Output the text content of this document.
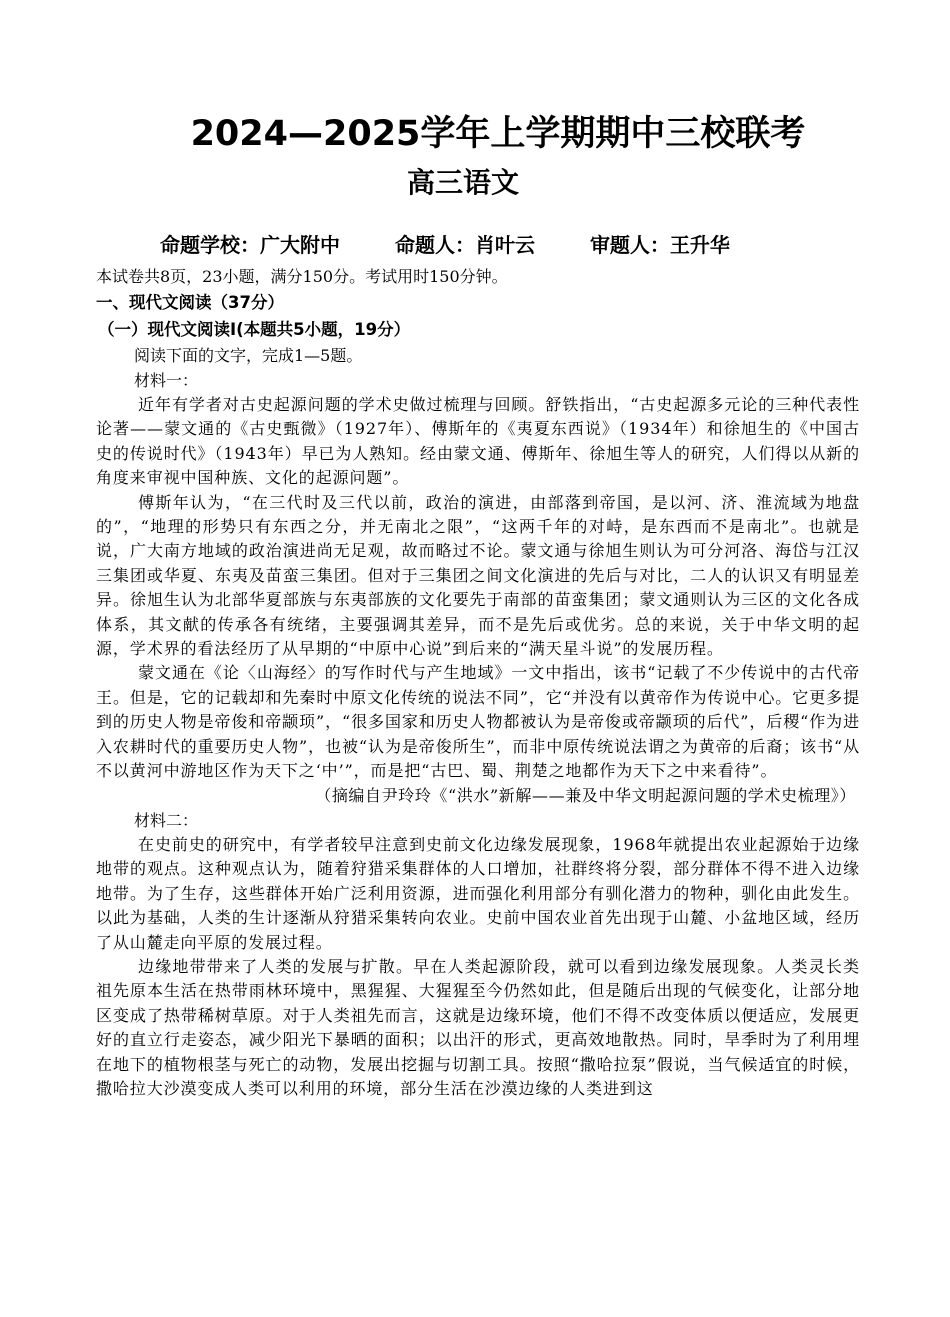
2024—2025学年上学期期中三校联考
高三语文
命题学校：广大附中	命题人：肖叶云	审题人：王升华

本试卷共8页，23小题，满分150分。考试用时150分钟。

一、现代文阅读（37分）

（一）现代文阅读Ⅰ(本题共5小题，19分）

阅读下面的文字，完成1—5题。

材料一：

近年有学者对古史起源问题的学术史做过梳理与回顾。舒铁指出，“古史起源多元论的三种代表性论著——蒙文通的《古史甄微》（1927年）、傅斯年的《夷夏东西说》（1934年）和徐旭生的《中国古史的传说时代》（1943年）早已为人熟知。经由蒙文通、傅斯年、徐旭生等人的研究，人们得以从新的角度来审视中国种族、文化的起源问题”。

傅斯年认为，“在三代时及三代以前，政治的演进，由部落到帝国，是以河、济、淮流域为地盘的”，“地理的形势只有东西之分，并无南北之限”，“这两千年的对峙，是东西而不是南北”。也就是说，广大南方地域的政治演进尚无足观，故而略过不论。蒙文通与徐旭生则认为可分河洛、海岱与江汉三集团或华夏、东夷及苗蛮三集团。但对于三集团之间文化演进的先后与对比，二人的认识又有明显差异。徐旭生认为北部华夏部族与东夷部族的文化要先于南部的苗蛮集团；蒙文通则认为三区的文化各成体系，其文献的传承各有统绪，主要强调其差异，而不是先后或优劣。总的来说，关于中华文明的起源，学术界的看法经历了从早期的“中原中心说”到后来的“满天星斗说”的发展历程。

蒙文通在《论〈山海经〉的写作时代与产生地域》一文中指出，该书“记载了不少传说中的古代帝王。但是，它的记载却和先秦时中原文化传统的说法不同”，它“并没有以黄帝作为传说中心。它更多提到的历史人物是帝俊和帝颛顼”，“很多国家和历史人物都被认为是帝俊或帝颛顼的后代”，后稷“作为进入农耕时代的重要历史人物”，也被“认为是帝俊所生”，而非中原传统说法谓之为黄帝的后裔；该书“从不以黄河中游地区作为天下之‘中’”，而是把“古巴、蜀、荆楚之地都作为天下之中来看待”。

（摘编自尹玲玲《“洪水”新解——兼及中华文明起源问题的学术史梳理》）

材料二：

在史前史的研究中，有学者较早注意到史前文化边缘发展现象，1968年就提出农业起源始于边缘地带的观点。这种观点认为，随着狩猎采集群体的人口增加，社群终将分裂，部分群体不得不进入边缘地带。为了生存，这些群体开始广泛利用资源，进而强化利用部分有驯化潜力的物种，驯化由此发生。以此为基础，人类的生计逐渐从狩猎采集转向农业。史前中国农业首先出现于山麓、小盆地区域，经历了从山麓走向平原的发展过程。

边缘地带带来了人类的发展与扩散。早在人类起源阶段，就可以看到边缘发展现象。人类灵长类祖先原本生活在热带雨林环境中，黑猩猩、大猩猩至今仍然如此，但是随后出现的气候变化，让部分地区变成了热带稀树草原。对于人类祖先而言，这就是边缘环境，他们不得不改变体质以便适应，发展更好的直立行走姿态，减少阳光下暴晒的面积；以出汗的形式，更高效地散热。同时，旱季时为了利用埋在地下的植物根茎与死亡的动物，发展出挖掘与切割工具。按照“撒哈拉泵”假说，当气候适宜的时候，撒哈拉大沙漠变成人类可以利用的环境，部分生活在沙漠边缘的人类进到这
